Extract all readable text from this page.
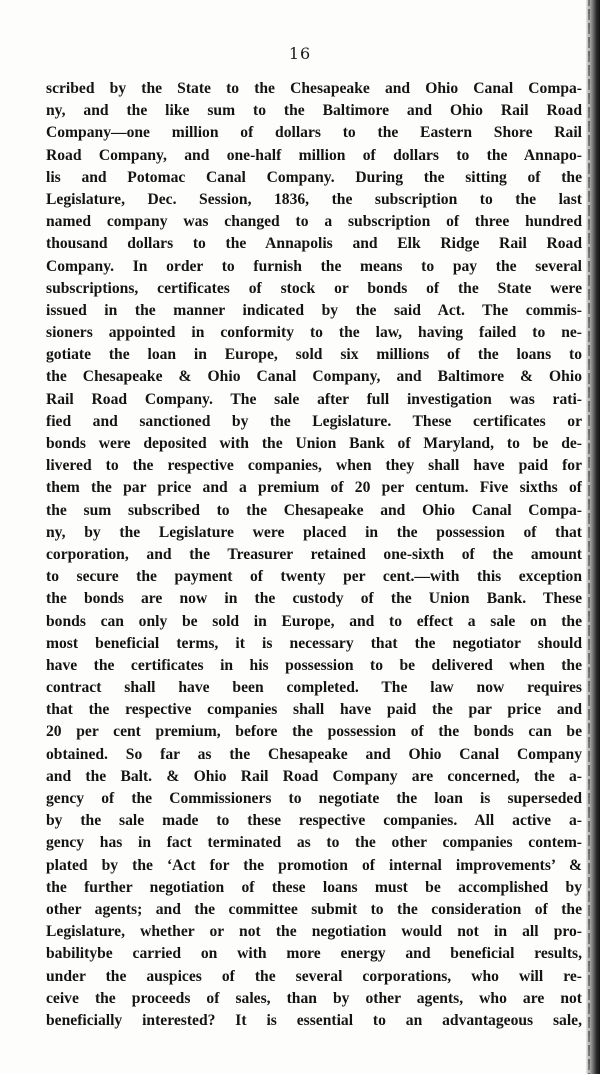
16
scribed by the State to the Chesapeake and Ohio Canal Compa-
ny, and the like sum to the Baltimore and Ohio Rail Road
Company—one million of dollars to the Eastern Shore Rail
Road Company, and one-half million of dollars to the Annapo-
lis and Potomac Canal Company. During the sitting of the
Legislature, Dec. Session, 1836, the subscription to the last
named company was changed to a subscription of three hundred
thousand dollars to the Annapolis and Elk Ridge Rail Road
Company. In order to furnish the means to pay the several
subscriptions, certificates of stock or bonds of the State were
issued in the manner indicated by the said Act. The commis-
sioners appointed in conformity to the law, having failed to ne-
gotiate the loan in Europe, sold six millions of the loans to
the Chesapeake & Ohio Canal Company, and Baltimore & Ohio
Rail Road Company. The sale after full investigation was rati-
fied and sanctioned by the Legislature. These certificates or
bonds were deposited with the Union Bank of Maryland, to be de-
livered to the respective companies, when they shall have paid for
them the par price and a premium of 20 per centum. Five sixths of
the sum subscribed to the Chesapeake and Ohio Canal Compa-
ny, by the Legislature were placed in the possession of that
corporation, and the Treasurer retained one-sixth of the amount
to secure the payment of twenty per cent.—with this exception
the bonds are now in the custody of the Union Bank. These
bonds can only be sold in Europe, and to effect a sale on the
most beneficial terms, it is necessary that the negotiator should
have the certificates in his possession to be delivered when the
contract shall have been completed. The law now requires
that the respective companies shall have paid the par price and
20 per cent premium, before the possession of the bonds can be
obtained. So far as the Chesapeake and Ohio Canal Company
and the Balt. & Ohio Rail Road Company are concerned, the a-
gency of the Commissioners to negotiate the loan is superseded
by the sale made to these respective companies. All active a-
gency has in fact terminated as to the other companies contem-
plated by the ‘Act for the promotion of internal improvements’ &
the further negotiation of these loans must be accomplished by
other agents; and the committee submit to the consideration of the
Legislature, whether or not the negotiation would not in all pro-
babilitybe carried on with more energy and beneficial results,
under the auspices of the several corporations, who will re-
ceive the proceeds of sales, than by other agents, who are not
beneficially interested? It is essential to an advantageous sale,
